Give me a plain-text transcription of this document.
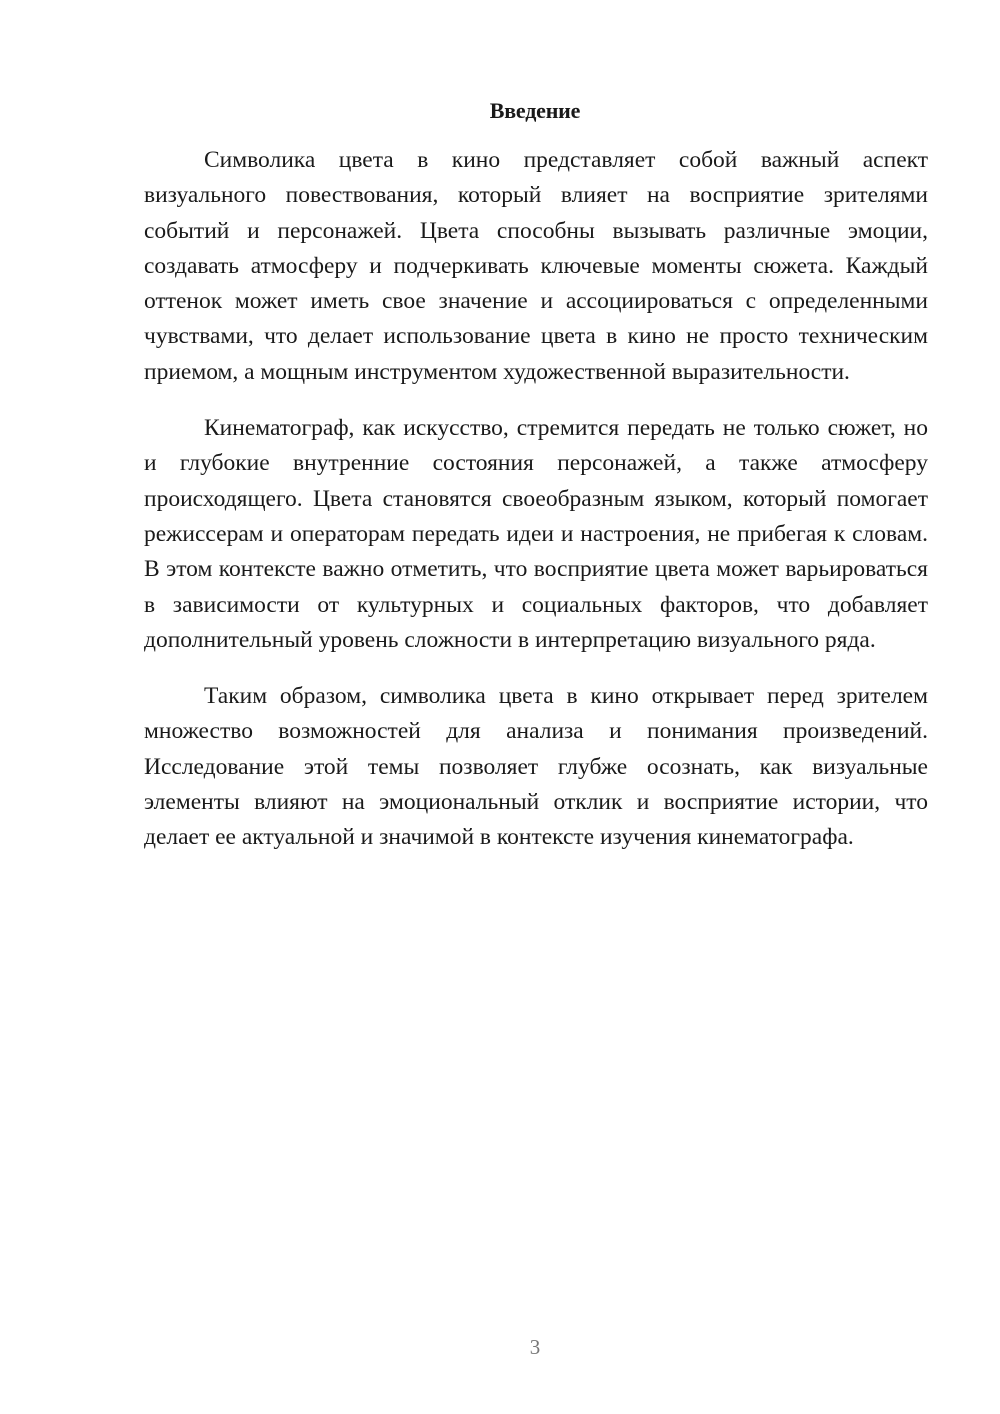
Введение

Символика цвета в кино представляет собой важный аспект визуального повествования, который влияет на восприятие зрителями событий и персонажей. Цвета способны вызывать различные эмоции, создавать атмосферу и подчеркивать ключевые моменты сюжета. Каждый оттенок может иметь свое значение и ассоциироваться с определенными чувствами, что делает использование цвета в кино не просто техническим приемом, а мощным инструментом художественной выразительности.

Кинематограф, как искусство, стремится передать не только сюжет, но и глубокие внутренние состояния персонажей, а также атмосферу происходящего. Цвета становятся своеобразным языком, который помогает режиссерам и операторам передать идеи и настроения, не прибегая к словам. В этом контексте важно отметить, что восприятие цвета может варьироваться в зависимости от культурных и социальных факторов, что добавляет дополнительный уровень сложности в интерпретацию визуального ряда.

Таким образом, символика цвета в кино открывает перед зрителем множество возможностей для анализа и понимания произведений. Исследование этой темы позволяет глубже осознать, как визуальные элементы влияют на эмоциональный отклик и восприятие истории, что делает ее актуальной и значимой в контексте изучения кинематографа.

3
